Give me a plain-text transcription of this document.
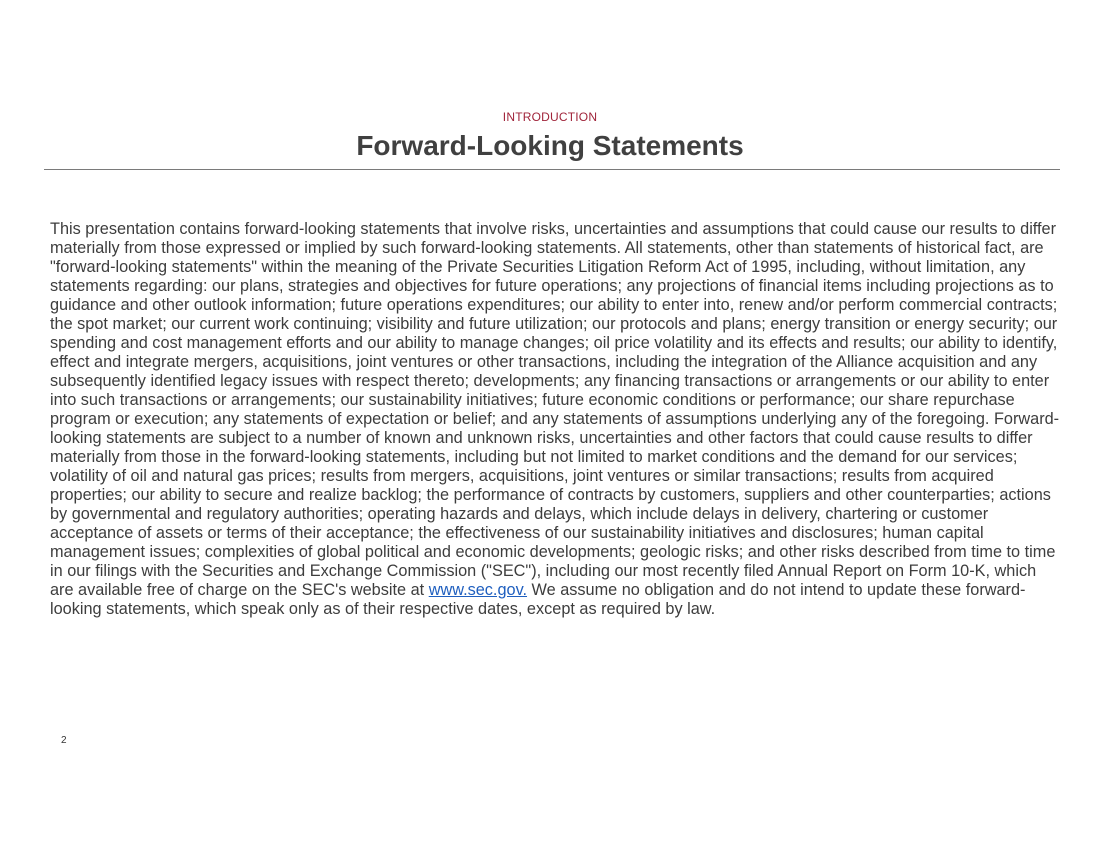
INTRODUCTION
Forward-Looking Statements

This presentation contains forward-looking statements that involve risks, uncertainties and assumptions that could cause our results to differ materially from those expressed or implied by such forward-looking statements. All statements, other than statements of historical fact, are "forward-looking statements" within the meaning of the Private Securities Litigation Reform Act of 1995, including, without limitation, any statements regarding: our plans, strategies and objectives for future operations; any projections of financial items including projections as to guidance and other outlook information; future operations expenditures; our ability to enter into, renew and/or perform commercial contracts; the spot market; our current work continuing; visibility and future utilization; our protocols and plans; energy transition or energy security; our spending and cost management efforts and our ability to manage changes; oil price volatility and its effects and results; our ability to identify, effect and integrate mergers, acquisitions, joint ventures or other transactions, including the integration of the Alliance acquisition and any subsequently identified legacy issues with respect thereto; developments; any financing transactions or arrangements or our ability to enter into such transactions or arrangements; our sustainability initiatives; future economic conditions or performance; our share repurchase program or execution; any statements of expectation or belief; and any statements of assumptions underlying any of the foregoing. Forward-looking statements are subject to a number of known and unknown risks, uncertainties and other factors that could cause results to differ materially from those in the forward-looking statements, including but not limited to market conditions and the demand for our services; volatility of oil and natural gas prices; results from mergers, acquisitions, joint ventures or similar transactions; results from acquired properties; our ability to secure and realize backlog; the performance of contracts by customers, suppliers and other counterparties; actions by governmental and regulatory authorities; operating hazards and delays, which include delays in delivery, chartering or customer acceptance of assets or terms of their acceptance; the effectiveness of our sustainability initiatives and disclosures; human capital management issues; complexities of global political and economic developments; geologic risks; and other risks described from time to time in our filings with the Securities and Exchange Commission ("SEC"), including our most recently filed Annual Report on Form 10-K, which are available free of charge on the SEC's website at www.sec.gov. We assume no obligation and do not intend to update these forward-looking statements, which speak only as of their respective dates, except as required by law.

2
